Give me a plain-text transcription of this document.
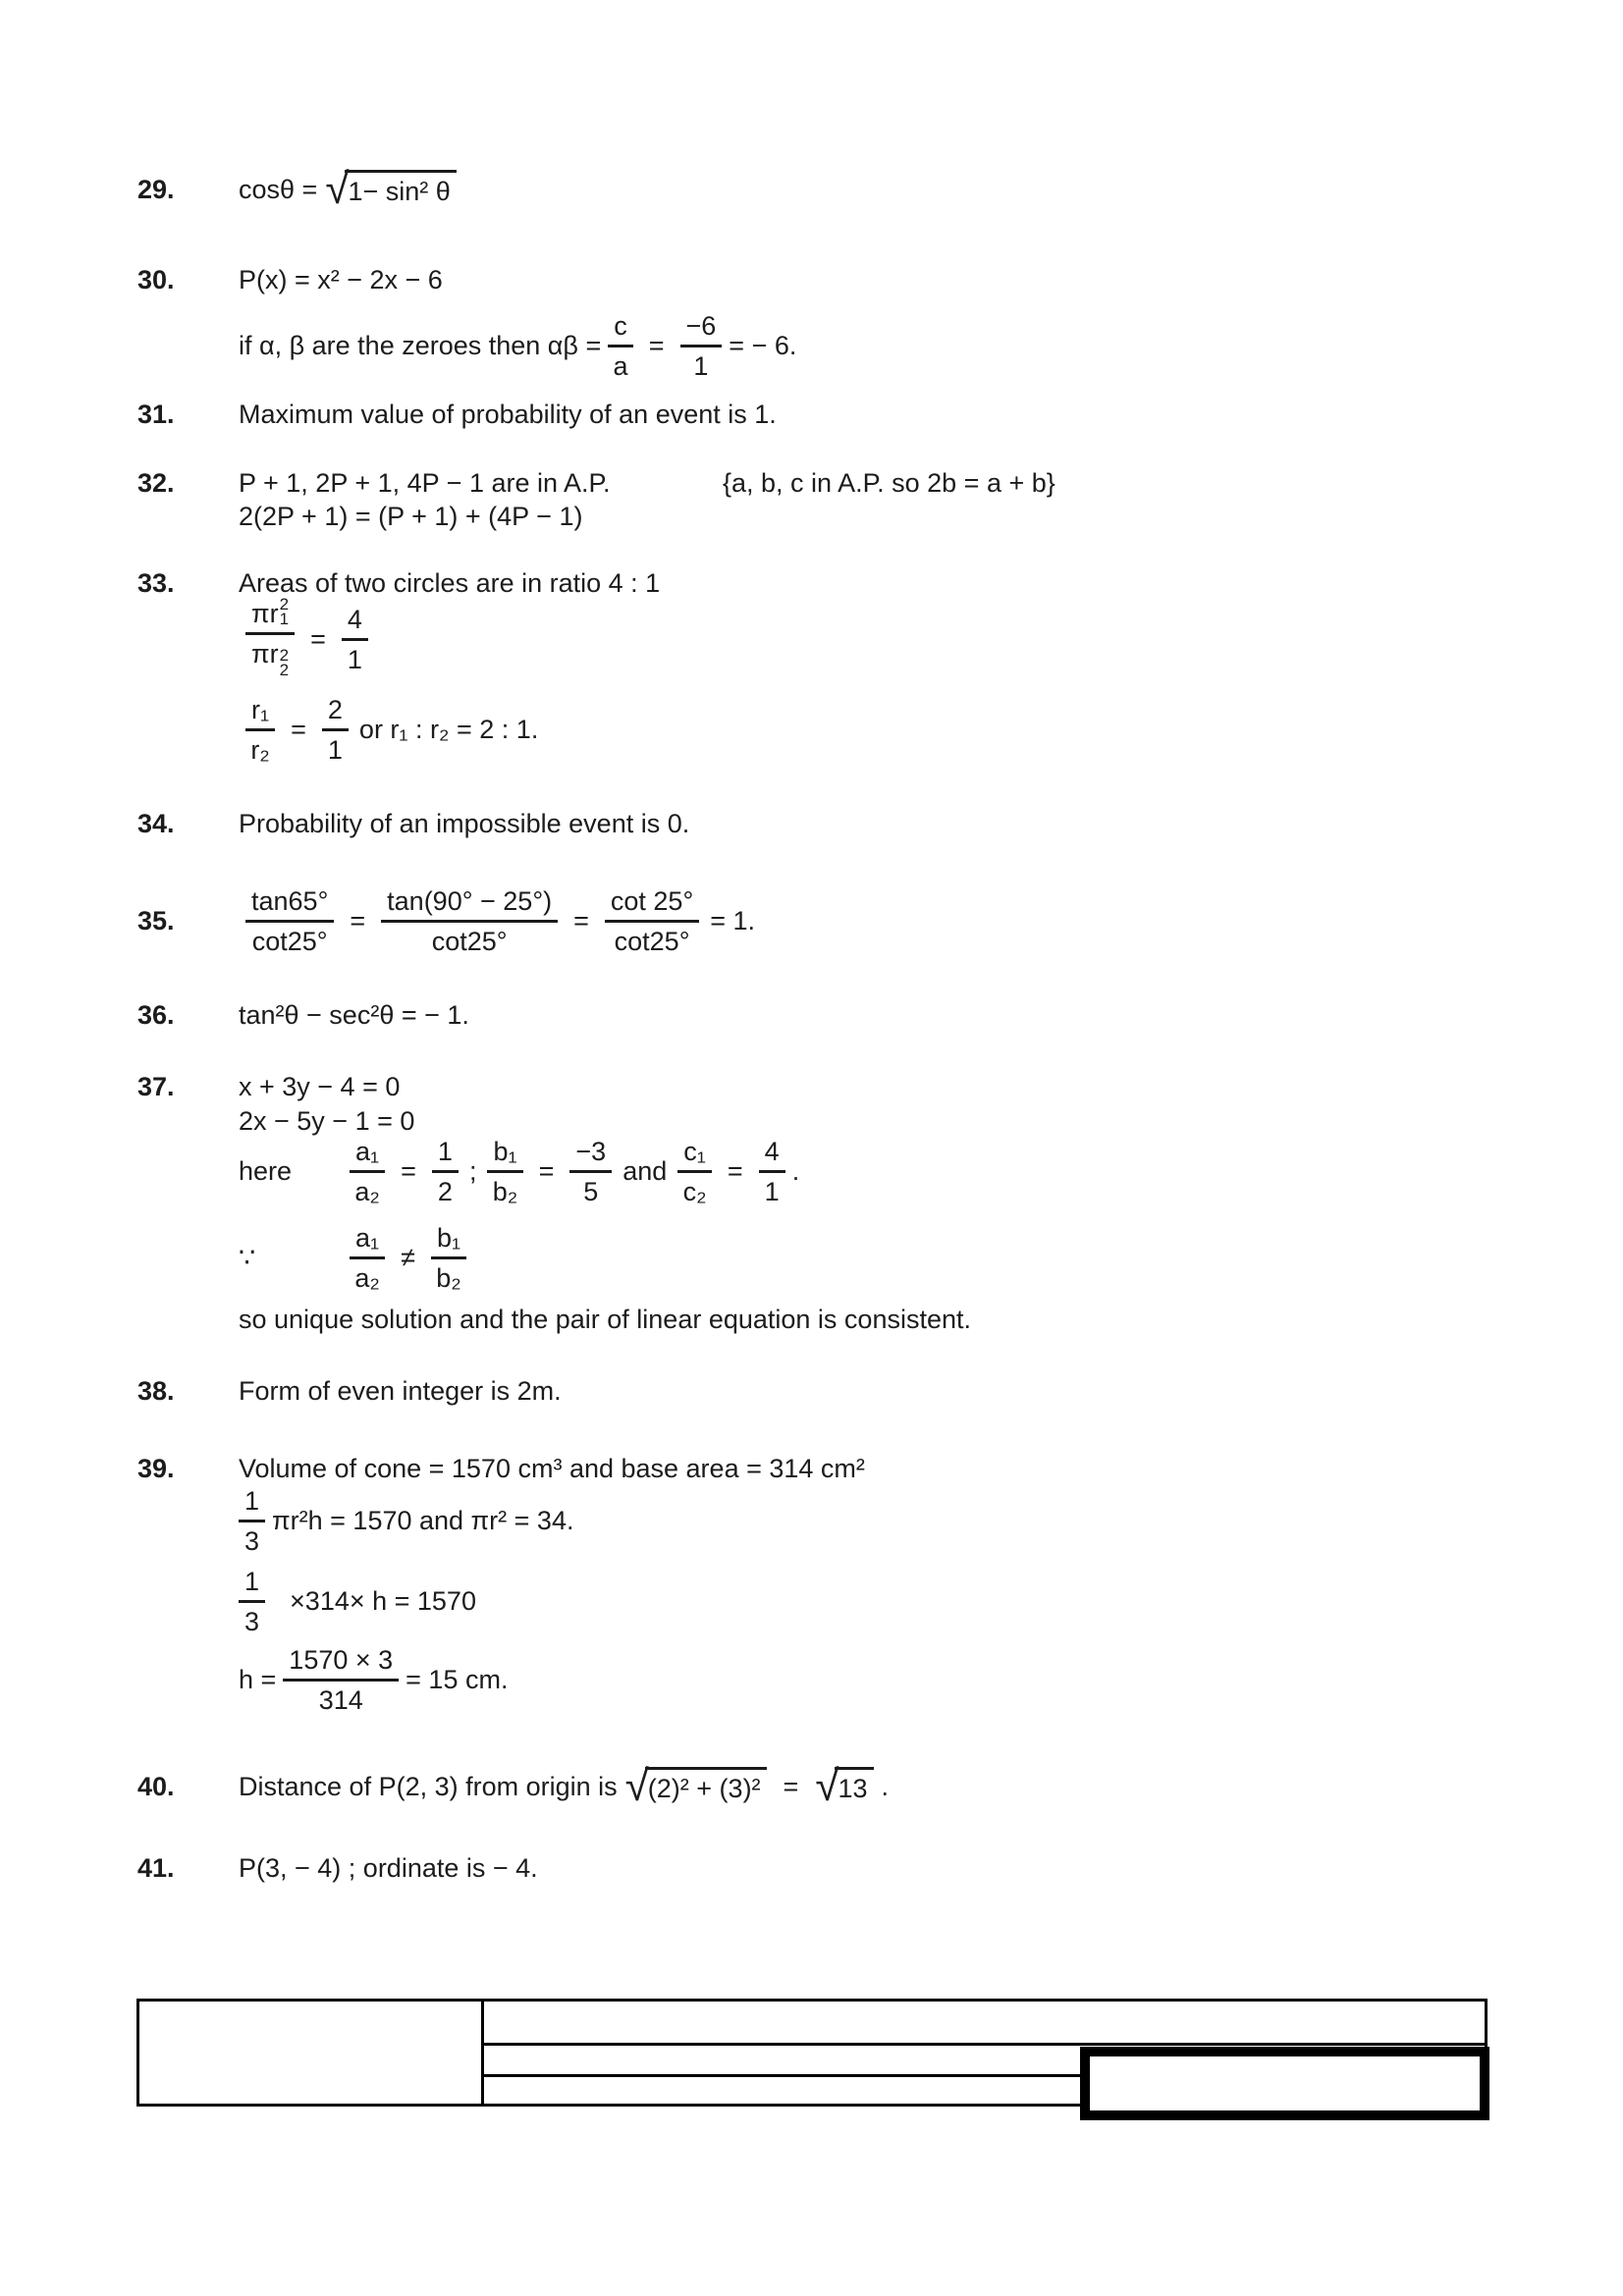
29.	cosθ = √ 1− sin² θ
30.	P(x) = x² − 2x − 6
if α, β are the zeroes then $\alpha\beta = \frac{c}{a} = \frac{-6}{1}$ = − 6.
31.	Maximum value of probability of an event is 1.
32.	P + 1, 2P + 1, 4P − 1 are in A.P.	{a, b, c in A.P. so 2b = a + b}
2(2P + 1) = (P + 1) + (4P − 1)
33.	Areas of two circles are in ratio 4 : 1
πr 2
1
πr 2
$2 = \frac{4}{1}$
$\frac{\text{r₁}}{\text{r₂}} = \frac{2}{1}$ or r₁ : r₂ = 2 : 1.
34.	Probability of an impossible event is 0.
35.	$\frac{\tan 65^\circ}{\cot 25^\circ} = \frac{\tan(90^\circ - 25^\circ)}{\cot 25^\circ} = \frac{\cot 25^\circ}{\cot 25^\circ} = 1$.
36.	tan²θ − sec²θ = − 1.
37.	x + 3y − 4 = 0
2x − 5y − 1 = 0
here	$\frac{\text{a₁}}{\text{a₂}} = \frac{1}{2}$ ; $\frac{\text{b₁}}{\text{b₂}} = \frac{-3}{5}$ and $\frac{\text{c₁}}{\text{c₂}} = \frac{4}{1}$ .
∵	$\frac{\text{a₁}}{\text{a₂}} \ne \frac{\text{b₁}}{\text{b₂}}$
so unique solution and the pair of linear equation is consistent.
38.	Form of even integer is 2m.
39.	Volume of cone = 1570 cm³ and base area = 314 cm²
$\frac{1}{3} \pi r^2h = 1570$ and πr² = 34.
$\frac{1}{3} \times 314\times h = 1570$
$h = \frac{1570 \times 3}{314} = 15$ cm.
40.	Distance of P(2, 3) from origin is √ (2)² + (3)² = √ 13 .
41.	P(3, − 4) ; ordinate is − 4.
